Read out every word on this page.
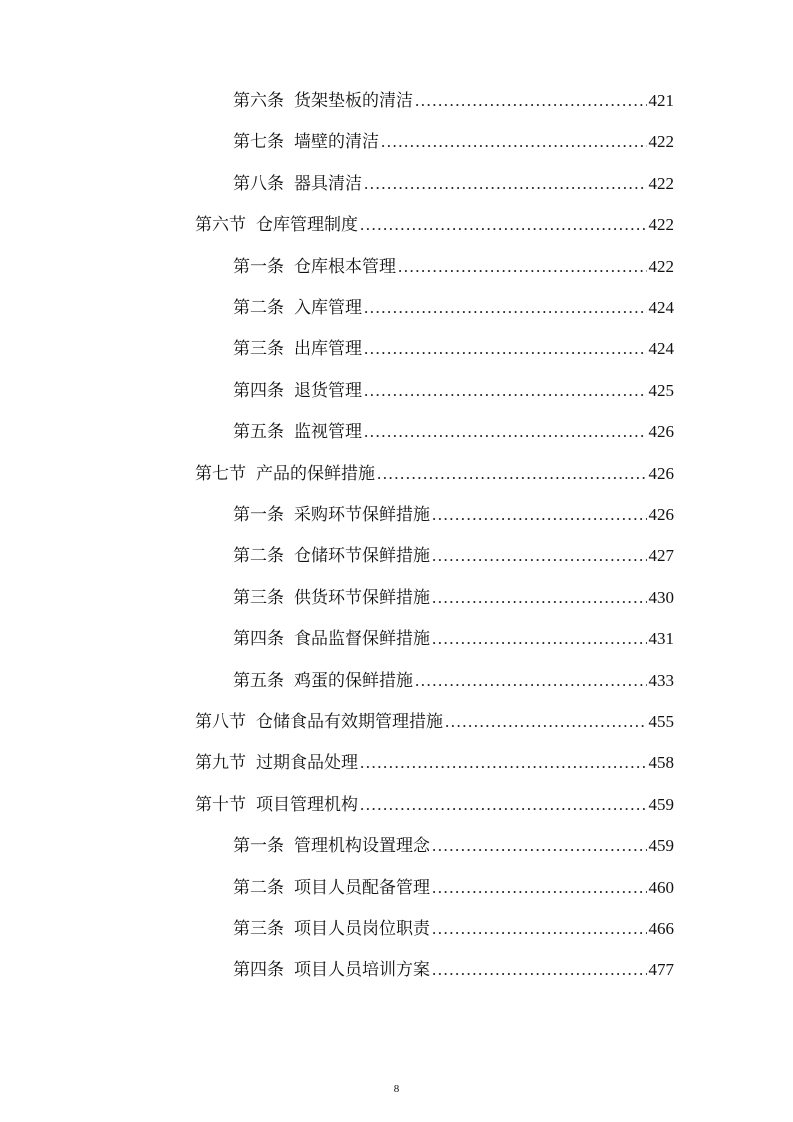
第六条 货架垫板的清洁 .....	421
第七条 墙壁的清洁 .....	422
第八条 器具清洁 .....	422
第六节 仓库管理制度 .....	422
第一条 仓库根本管理 .....	422
第二条 入库管理 .....	424
第三条 出库管理 .....	424
第四条 退货管理 .....	425
第五条 监视管理 .....	426
第七节 产品的保鲜措施 .....	426
第一条 采购环节保鲜措施 .....	426
第二条 仓储环节保鲜措施 .....	427
第三条 供货环节保鲜措施 .....	430
第四条 食品监督保鲜措施 .....	431
第五条 鸡蛋的保鲜措施 .....	433
第八节 仓储食品有效期管理措施 .....	455
第九节 过期食品处理 .....	458
第十节 项目管理机构 .....	459
第一条 管理机构设置理念 .....	459
第二条 项目人员配备管理 .....	460
第三条 项目人员岗位职责 .....	466
第四条 项目人员培训方案 .....	477
8
